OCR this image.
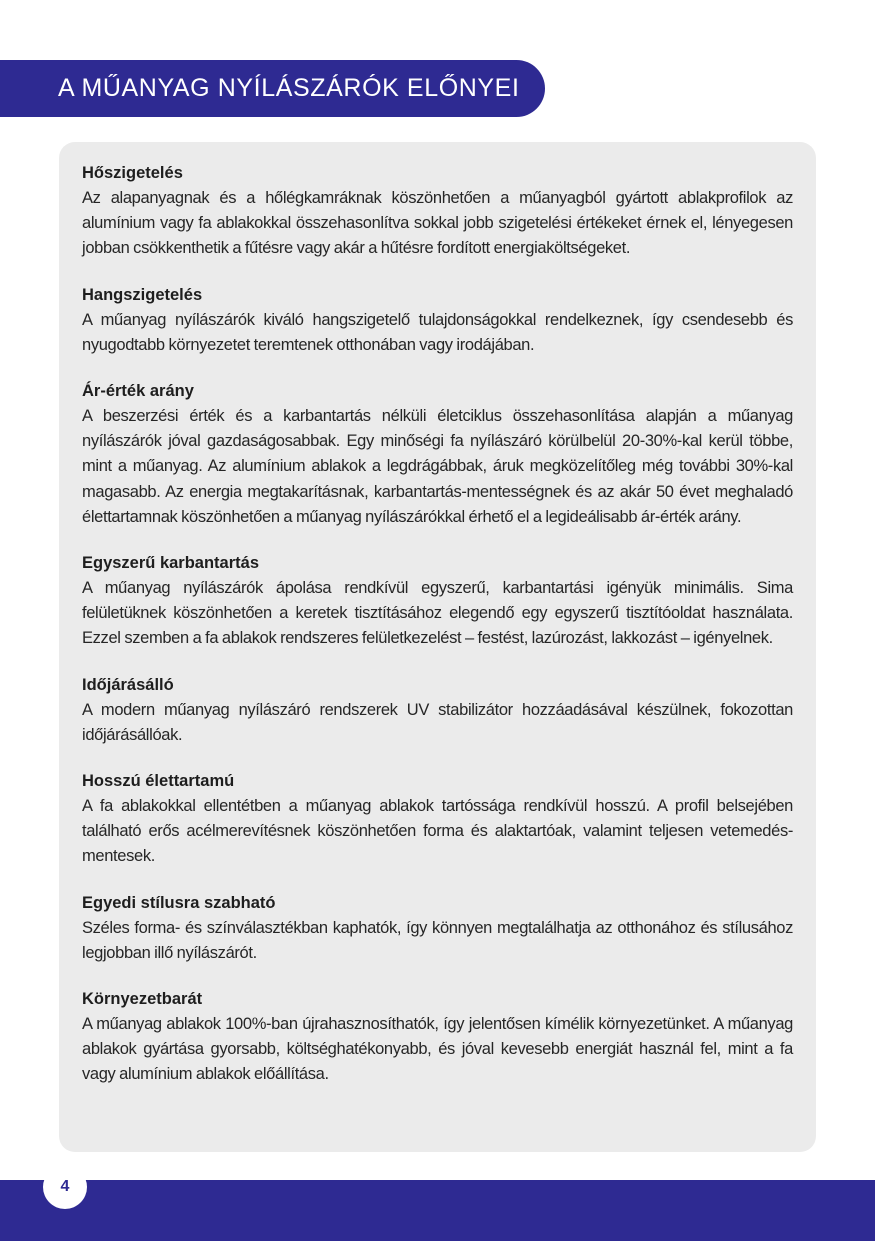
A MŰANYAG NYÍLÁSZÁRÓK ELŐNYEI
Hőszigetelés

Az alapanyagnak és a hőlégkamráknak köszönhetően a műanyagból gyártott ablakprofilok az alumínium vagy fa ablakokkal összehasonlítva sokkal jobb szigetelési értékeket érnek el, lényegesen jobban csökkenthetik a fűtésre vagy akár a hűtésre fordított energiaköltségeket.

Hangszigetelés

A műanyag nyílászárók kiváló hangszigetelő tulajdonságokkal rendelkeznek, így csendesebb és nyugodtabb környezetet teremtenek otthonában vagy irodájában.

Ár-érték arány

A beszerzési érték és a karbantartás nélküli életciklus összehasonlítása alapján a műanyag nyílászárók jóval gazdaságosabbak. Egy minőségi fa nyílászáró körülbelül 20-30%-kal kerül többe, mint a műanyag. Az alumínium ablakok a legdrágábbak, áruk megközelítőleg még további 30%-kal magasabb. Az energia megtakarításnak, karbantartás-mentességnek és az akár 50 évet meghaladó élettartamnak köszönhetően a műanyag nyílászárókkal érhető el a legideálisabb ár-érték arány.

Egyszerű karbantartás

A műanyag nyílászárók ápolása rendkívül egyszerű, karbantartási igényük minimális. Sima felületüknek köszönhetően a keretek tisztításához elegendő egy egyszerű tisztítóoldat használata. Ezzel szemben a fa ablakok rendszeres felületkezelést – festést, lazúrozást, lakkozást – igényelnek.

Időjárásálló

A modern műanyag nyílászáró rendszerek UV stabilizátor hozzáadásával készülnek, fokozottan időjárásállóak.

Hosszú élettartamú

A fa ablakokkal ellentétben a műanyag ablakok tartóssága rendkívül hosszú. A profil belsejében található erős acélmerevítésnek köszönhetően forma és alaktartóak, valamint teljesen vetemedés-mentesek.

Egyedi stílusra szabható

Széles forma- és színválasztékban kaphatók, így könnyen megtalálhatja az otthonához és stílusához legjobban illő nyílászárót.

Környezetbarát

A műanyag ablakok 100%-ban újrahasznosíthatók, így jelentősen kímélik környezetünket. A műanyag ablakok gyártása gyorsabb, költséghatékonyabb, és jóval kevesebb energiát használ fel, mint a fa vagy alumínium ablakok előállítása.

4
